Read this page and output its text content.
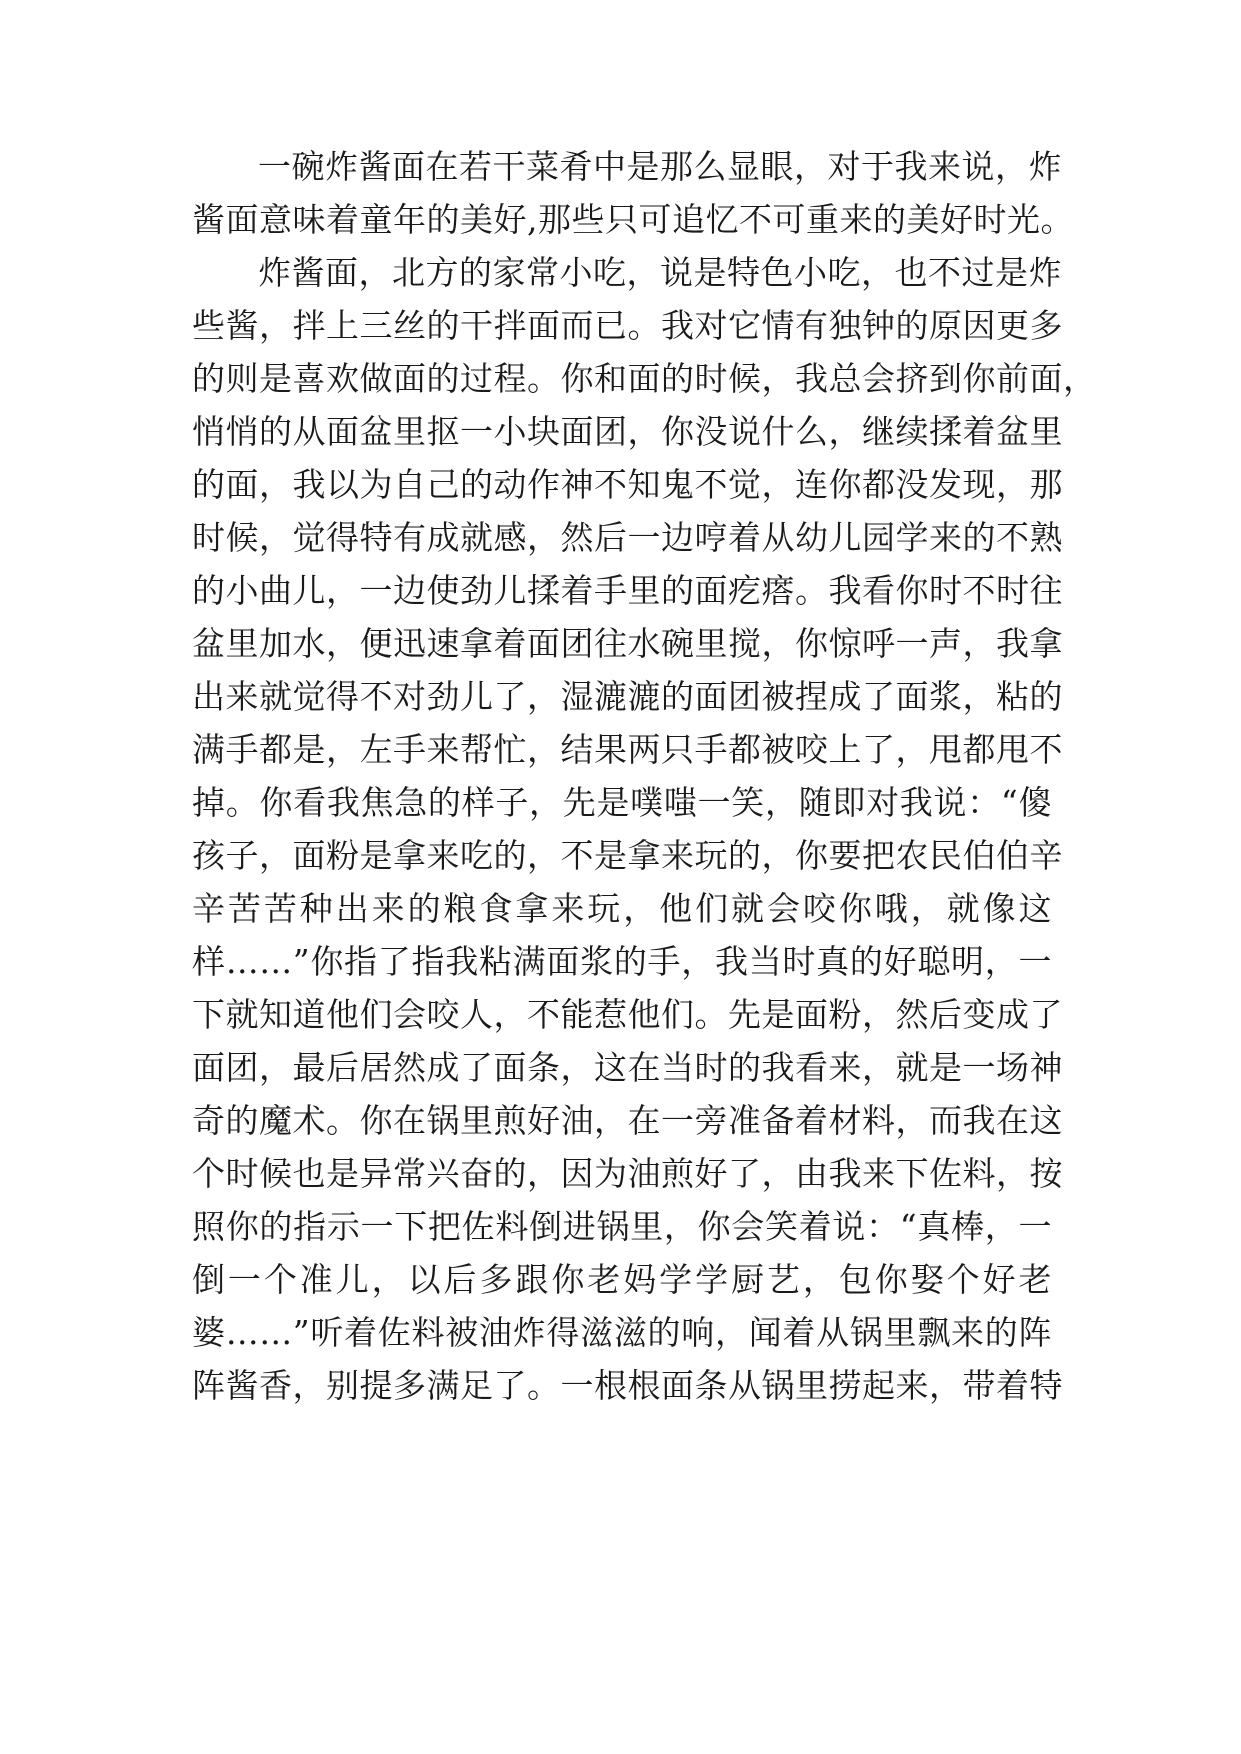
一碗炸酱面在若干菜肴中是那么显眼，对于我来说，炸
酱面意味着童年的美好,那些只可追忆不可重来的美好时光。
炸酱面，北方的家常小吃，说是特色小吃，也不过是炸
些酱，拌上三丝的干拌面而已。我对它情有独钟的原因更多
的则是喜欢做面的过程。你和面的时候，我总会挤到你前面，
悄悄的从面盆里抠一小块面团，你没说什么，继续揉着盆里
的面，我以为自己的动作神不知鬼不觉，连你都没发现，那
时候，觉得特有成就感，然后一边哼着从幼儿园学来的不熟
的小曲儿，一边使劲儿揉着手里的面疙瘩。我看你时不时往
盆里加水，便迅速拿着面团往水碗里搅，你惊呼一声，我拿
出来就觉得不对劲儿了，湿漉漉的面团被捏成了面浆，粘的
满手都是，左手来帮忙，结果两只手都被咬上了，甩都甩不
掉。你看我焦急的样子，先是噗嗤一笑，随即对我说：“傻
孩子，面粉是拿来吃的，不是拿来玩的，你要把农民伯伯辛
辛苦苦种出来的粮食拿来玩，他们就会咬你哦，就像这
样……”你指了指我粘满面浆的手，我当时真的好聪明，一
下就知道他们会咬人，不能惹他们。先是面粉，然后变成了
面团，最后居然成了面条，这在当时的我看来，就是一场神
奇的魔术。你在锅里煎好油，在一旁准备着材料，而我在这
个时候也是异常兴奋的，因为油煎好了，由我来下佐料，按
照你的指示一下把佐料倒进锅里，你会笑着说：“真棒，一
倒一个准儿，以后多跟你老妈学学厨艺，包你娶个好老
婆……”听着佐料被油炸得滋滋的响，闻着从锅里飘来的阵
阵酱香，别提多满足了。一根根面条从锅里捞起来，带着特
